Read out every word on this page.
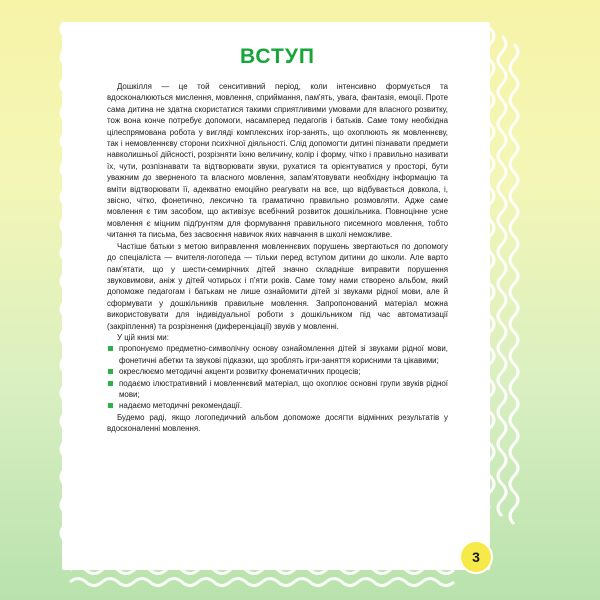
ВСТУП

Дошкілля — це той сенситивний період, коли інтенсивно формується та вдосконалюються мислення, мовлення, сприймання, пам'ять, увага, фантазія, емоції. Проте сама дитина не здатна скористатися такими сприятливими умовами для власного розвитку, тож вона конче потребує допомоги, насамперед педагогів і батьків. Саме тому необхідна цілеспрямована робота у вигляді комплексних ігор-занять, що охоплюють як мовленнєву, так і немовленнєву сторони психічної діяльності. Слід допомогти дитині пізнавати предмети навколишньої дійсності, розрізняти їхню величину, колір і форму, чітко і правильно називати їх, чути, розпізнавати та відтворювати звуки, рухатися та орієнтуватися у просторі, бути уважним до зверненого та власного мовлення, запам'ятовувати необхідну інформацію та вміти відтворювати її, адекватно емоційно реагувати на все, що відбувається довкола, і, звісно, чітко, фонетично, лексично та граматично правильно розмовляти. Адже саме мовлення є тим засобом, що активізує всебічний розвиток дошкільника. Повноцінне усне мовлення є міцним підґрунтям для формування правильного писемного мовлення, тобто читання та письма, без засвоєння навичок яких навчання в школі неможливе.

Частіше батьки з метою виправлення мовленнєвих порушень звертаються по допомогу до спеціаліста — вчителя-логопеда — тільки перед вступом дитини до школи. Але варто пам'ятати, що у шести-семирічних дітей значно складніше виправити порушення звуковимови, аніж у дітей чотирьох і п'яти років. Саме тому нами створено альбом, який допоможе педагогам і батькам не лише ознайомити дітей зі звуками рідної мови, але й сформувати у дошкільників правильне мовлення. Запропонований матеріал можна використовувати для індивідуальної роботи з дошкільником під час автоматизації (закріплення) та розрізнення (диференціації) звуків у мовленні.

У цій книзі ми:

пропонуємо предметно-символічну основу ознайомлення дітей зі звуками рідної мови, фонетичні абетки та звукові підказки, що зроблять ігри-заняття корисними та цікавими;
окреслюємо методичні акценти розвитку фонематичних процесів;
подаємо ілюстративний і мовленнєвий матеріал, що охоплює основні групи звуків рідної мови;
надаємо методичні рекомендації.

Будемо раді, якщо логопедичний альбом допоможе досягти відмінних результатів у вдосконаленні мовлення.

3
